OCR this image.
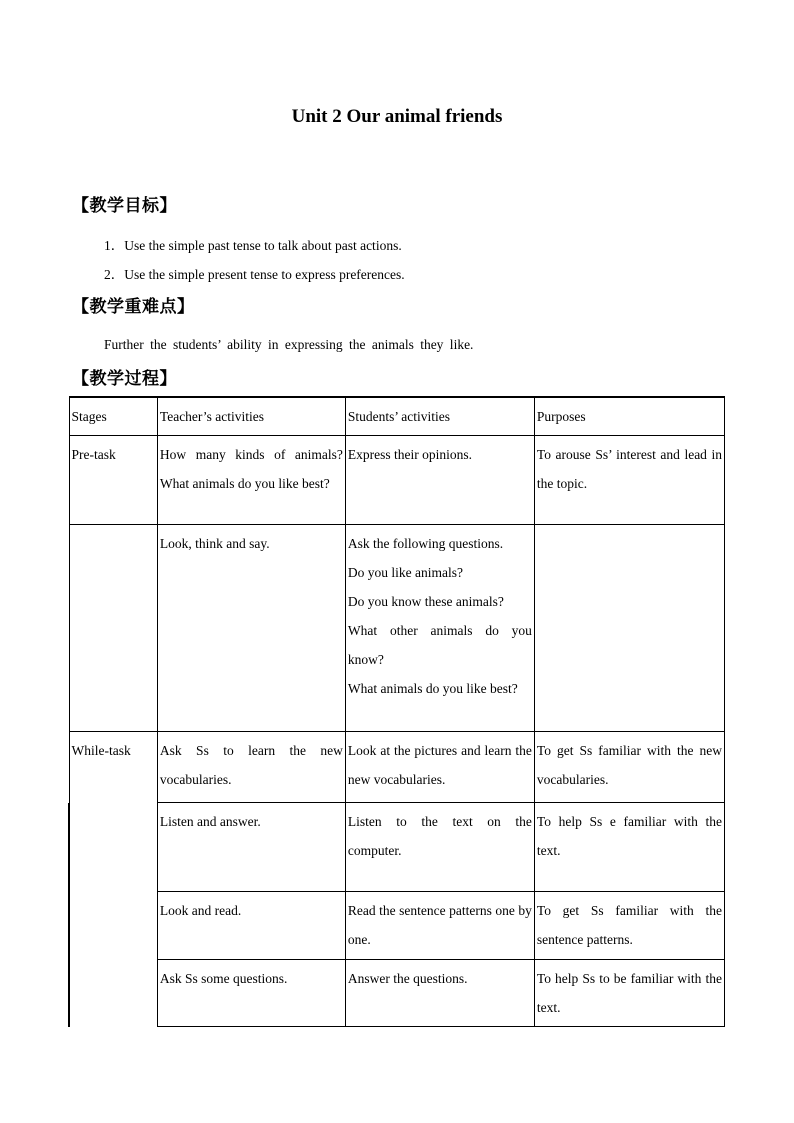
Unit 2 Our animal friends
【教学目标】
1．Use the simple past tense to talk about past actions.
2．Use the simple present tense to express preferences.
【教学重难点】
Further the students’ ability in expressing the animals they like.
【教学过程】
Stages	Teacher’s activities	Students’ activities	Purposes
Pre-task	How many kinds of animals? What animals do you like best?	Express their opinions.	To arouse Ss’ interest and lead in the topic.

	Look, think and say.	Ask the following questions.
Do you like animals?
Do you know these animals?
What other animals do you know?
What animals do you like best?	

While-task	Ask Ss to learn the new vocabularies.	Look at the pictures and learn the new vocabularies.	To get Ss familiar with the new vocabularies.

	Listen and answer.	Listen to the text on the computer.	To help Ss e familiar with the text.

	Look and read.	Read the sentence patterns one by one.	To get Ss familiar with the sentence patterns.

	Ask Ss some questions.	Answer the questions.	To help Ss to be familiar with the text.
